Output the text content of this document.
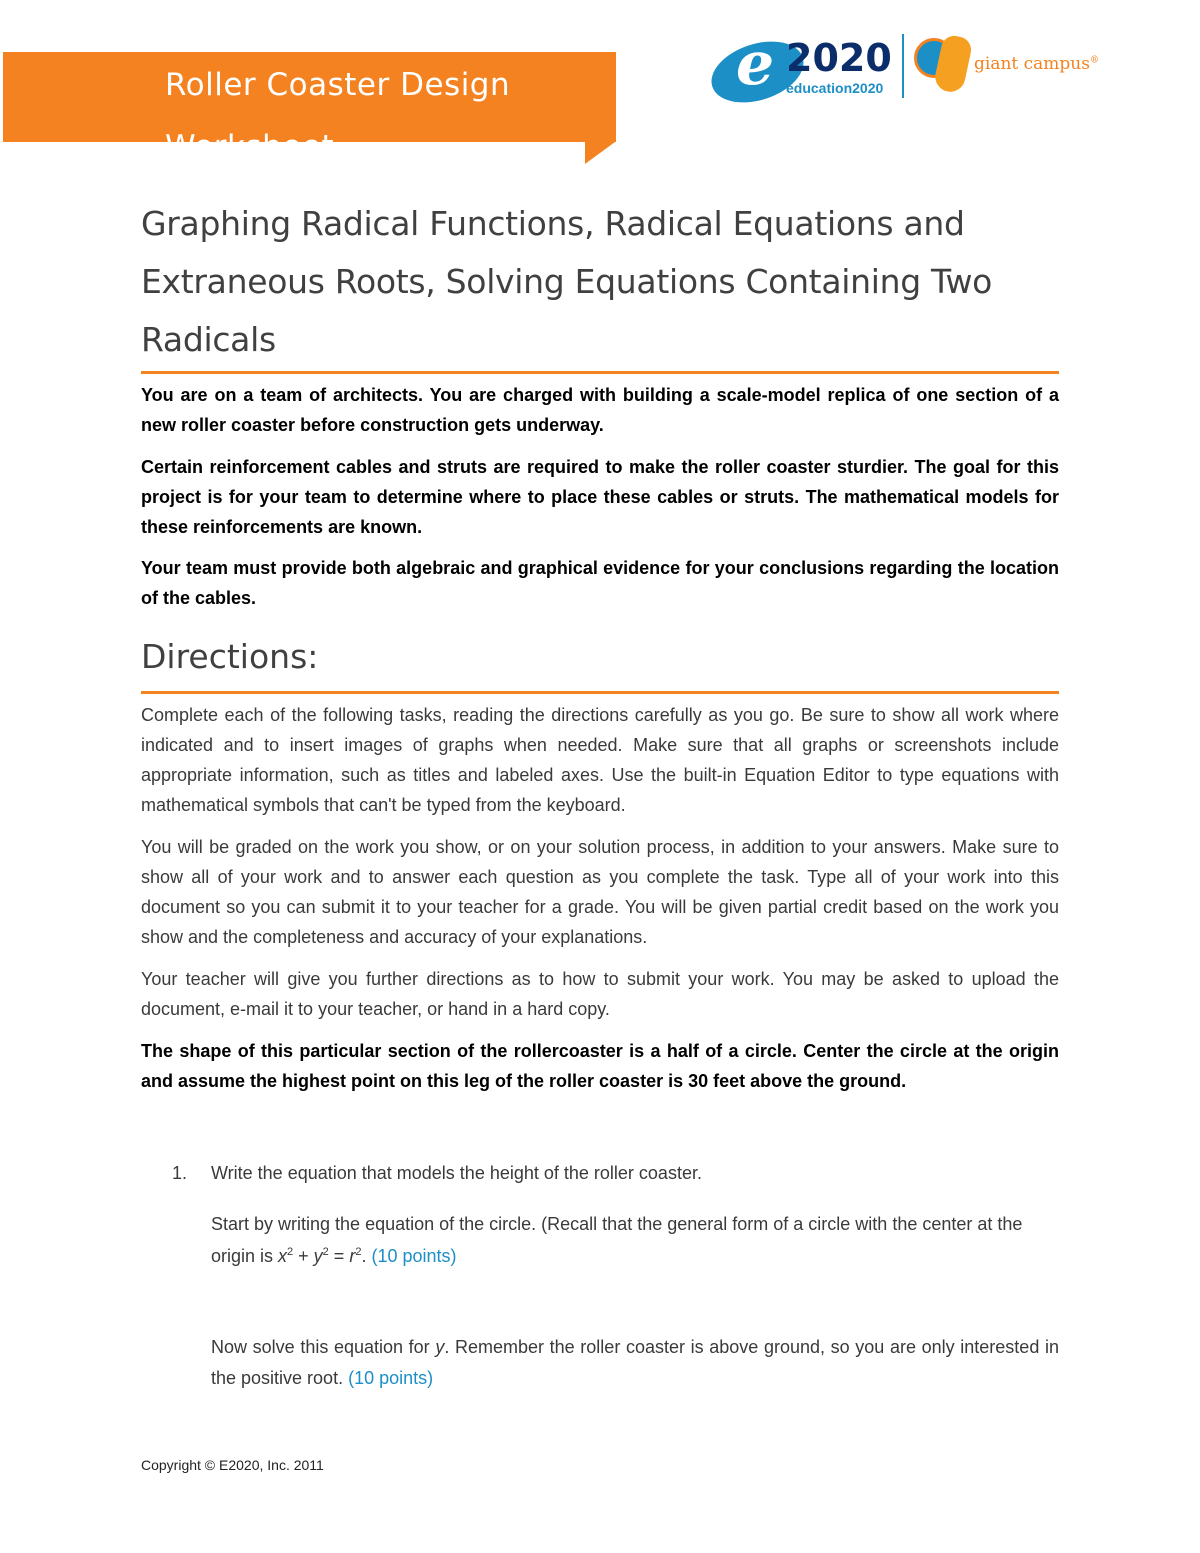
Roller Coaster Design Worksheet
e 2020
education2020
giant campus®
Graphing Radical Functions, Radical Equations and Extraneous Roots, Solving Equations Containing Two Radicals

You are on a team of architects. You are charged with building a scale-model replica of one section of a new roller coaster before construction gets underway.

Certain reinforcement cables and struts are required to make the roller coaster sturdier. The goal for this project is for your team to determine where to place these cables or struts. The mathematical models for these reinforcements are known.

Your team must provide both algebraic and graphical evidence for your conclusions regarding the location of the cables.

Directions:

Complete each of the following tasks, reading the directions carefully as you go. Be sure to show all work where indicated and to insert images of graphs when needed. Make sure that all graphs or screenshots include appropriate information, such as titles and labeled axes. Use the built-in Equation Editor to type equations with mathematical symbols that can't be typed from the keyboard.

You will be graded on the work you show, or on your solution process, in addition to your answers. Make sure to show all of your work and to answer each question as you complete the task. Type all of your work into this document so you can submit it to your teacher for a grade. You will be given partial credit based on the work you show and the completeness and accuracy of your explanations.

Your teacher will give you further directions as to how to submit your work. You may be asked to upload the document, e-mail it to your teacher, or hand in a hard copy.

The shape of this particular section of the rollercoaster is a half of a circle. Center the circle at the origin and assume the highest point on this leg of the roller coaster is 30 feet above the ground.

1. Write the equation that models the height of the roller coaster.
Start by writing the equation of the circle. (Recall that the general form of a circle with the center at the origin is $x^2 + y^2 = r^2$. (10 points)
Now solve this equation for y. Remember the roller coaster is above ground, so you are only interested in the positive root. (10 points)
Copyright © E2020, Inc. 2011
